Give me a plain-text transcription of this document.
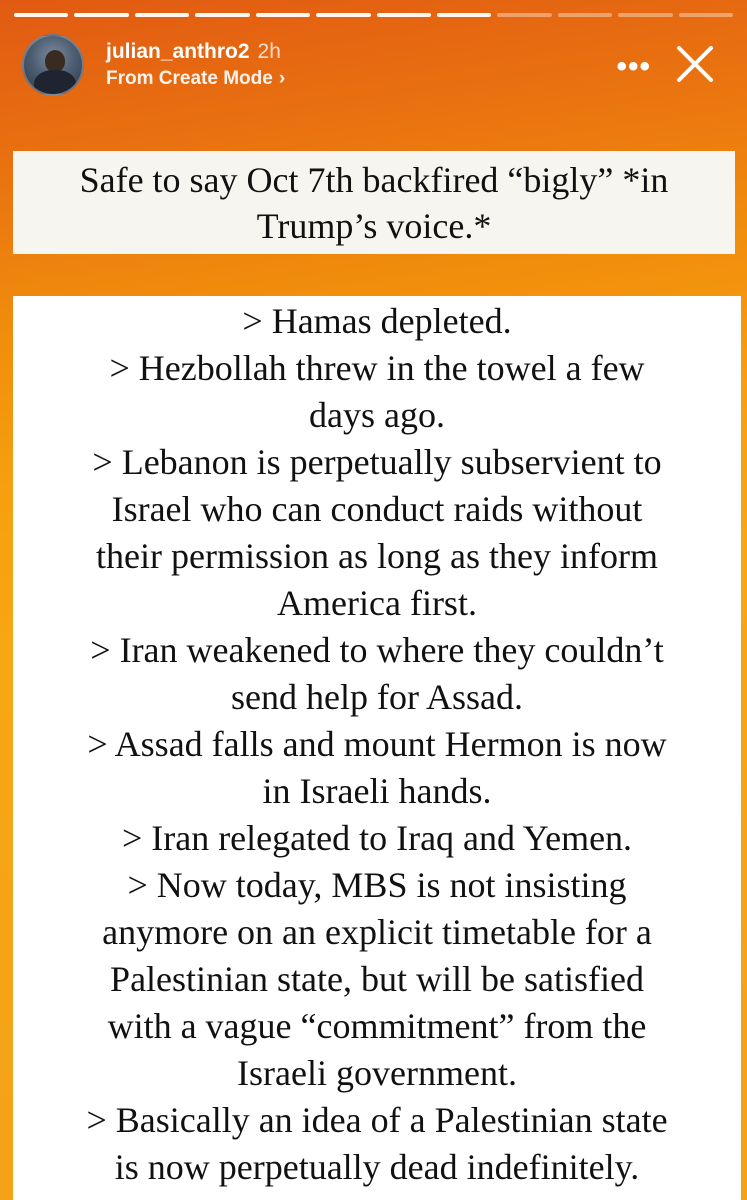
julian_anthro2 2h
From Create Mode ›	•••
Safe to say Oct 7th backfired “bigly” *in
Trump’s voice.*
> Hamas depleted.
> Hezbollah threw in the towel a few
days ago.
> Lebanon is perpetually subservient to
Israel who can conduct raids without
their permission as long as they inform
America first.
> Iran weakened to where they couldn’t
send help for Assad.
> Assad falls and mount Hermon is now
in Israeli hands.
> Iran relegated to Iraq and Yemen.
> Now today, MBS is not insisting
anymore on an explicit timetable for a
Palestinian state, but will be satisfied
with a vague “commitment” from the
Israeli government.
> Basically an idea of a Palestinian state
is now perpetually dead indefinitely.
